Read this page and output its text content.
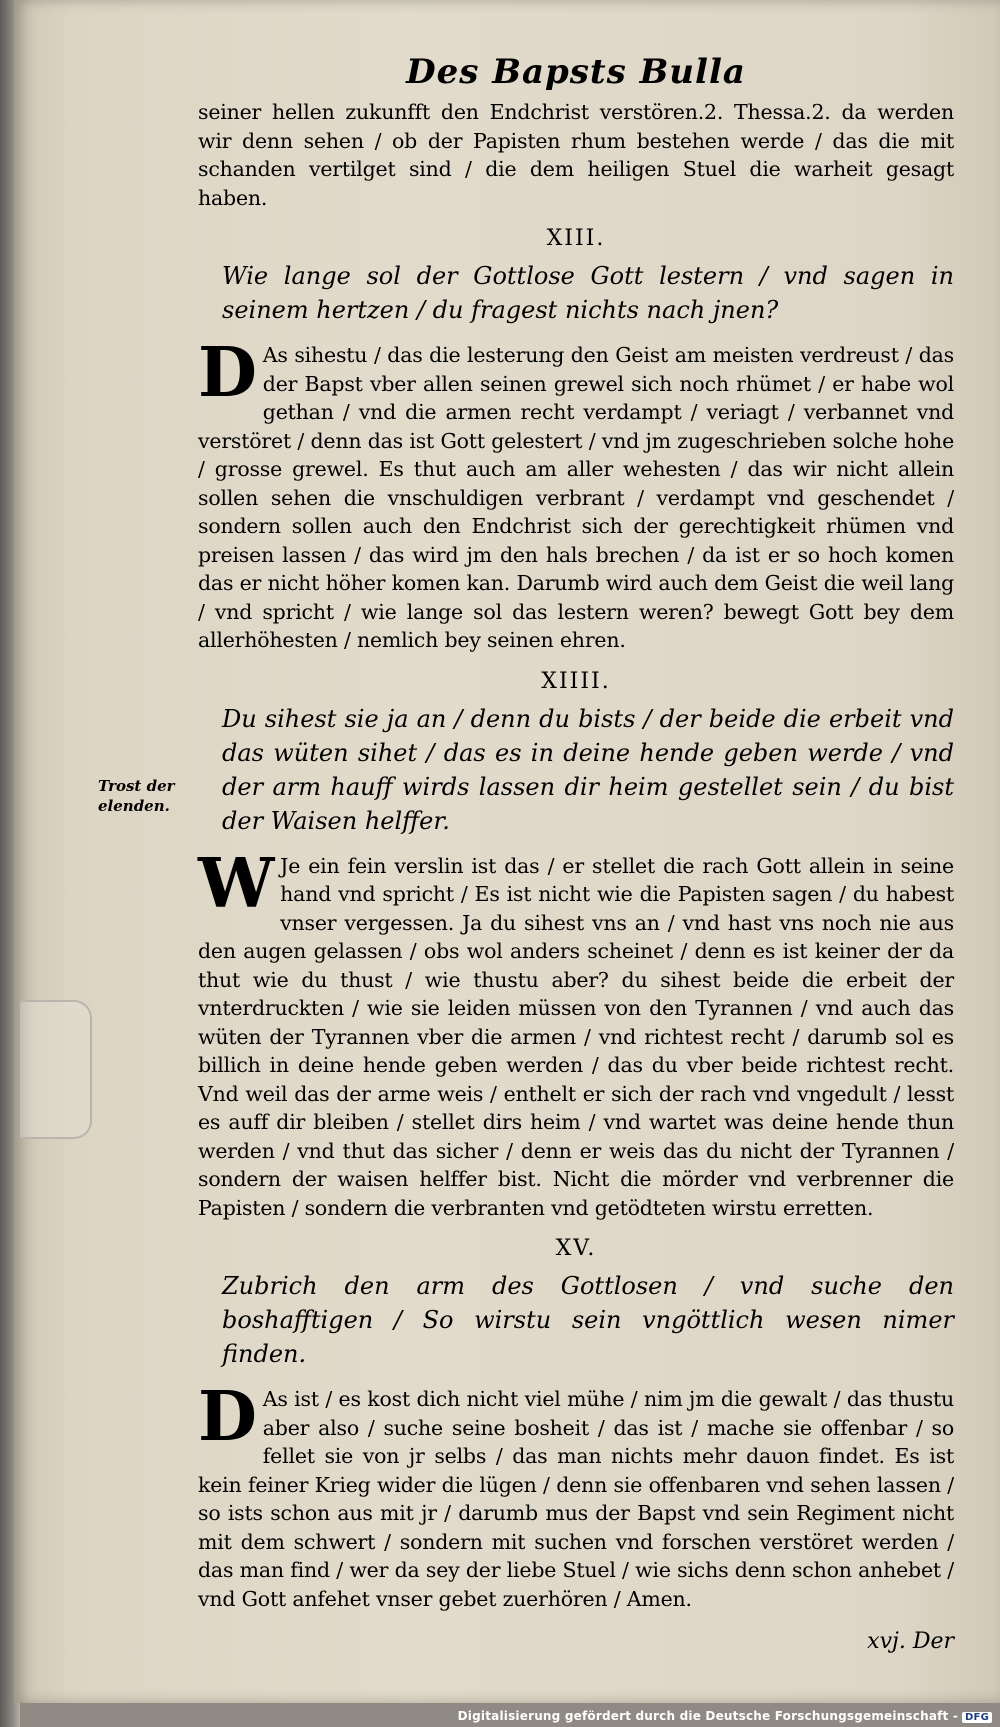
Des Bapsts Bulla

seiner hellen zukunfft den Endchrist verstören.2. Thessa.2. da werden wir denn sehen / ob der Papisten rhum bestehen werde / das die mit schanden vertilget sind / die dem heiligen Stuel die warheit gesagt haben.

XIII.

Wie lange sol der Gottlose Gott lestern / vnd sagen in seinem hertzen / du fragest nichts nach jnen?

D As sihestu / das die lesterung den Geist am meisten verdreust / das der Bapst vber allen seinen grewel sich noch rhümet / er habe wol gethan / vnd die armen recht verdampt / veriagt / verbannet vnd verstöret / denn das ist Gott gelestert / vnd jm zugeschrieben solche hohe / grosse grewel. Es thut auch am aller wehesten / das wir nicht allein sollen sehen die vnschuldigen verbrant / verdampt vnd geschendet / sondern sollen auch den Endchrist sich der gerechtigkeit rhümen vnd preisen lassen / das wird jm den hals brechen / da ist er so hoch komen das er nicht höher komen kan. Darumb wird auch dem Geist die weil lang / vnd spricht / wie lange sol das lestern weren? bewegt Gott bey dem allerhöhesten / nemlich bey seinen ehren.

XIIII.

Du sihest sie ja an / denn du bists / der beide die erbeit vnd das wüten sihet / das es in deine hende geben werde / vnd der arm hauff wirds lassen dir heim gestellet sein / du bist der Waisen helffer.

W Je ein fein verslin ist das / er stellet die rach Gott allein in seine hand vnd spricht / Es ist nicht wie die Papisten sagen / du habest vnser vergessen. Ja du sihest vns an / vnd hast vns noch nie aus den augen gelassen / obs wol anders scheinet / denn es ist keiner der da thut wie du thust / wie thustu aber? du sihest beide die erbeit der vnterdruckten / wie sie leiden müssen von den Tyrannen / vnd auch das wüten der Tyrannen vber die armen / vnd richtest recht / darumb sol es billich in deine hende geben werden / das du vber beide richtest recht. Vnd weil das der arme weis / enthelt er sich der rach vnd vngedult / lesst es auff dir bleiben / stellet dirs heim / vnd wartet was deine hende thun werden / vnd thut das sicher / denn er weis das du nicht der Tyrannen / sondern der waisen helffer bist. Nicht die mörder vnd verbrenner die Papisten / sondern die verbranten vnd getödteten wirstu erretten.

XV.

Zubrich den arm des Gottlosen / vnd suche den boshafftigen / So wirstu sein vngöttlich wesen nimer finden.

D As ist / es kost dich nicht viel mühe / nim jm die gewalt / das thustu aber also / suche seine bosheit / das ist / mache sie offenbar / so fellet sie von jr selbs / das man nichts mehr dauon findet. Es ist kein feiner Krieg wider die lügen / denn sie offenbaren vnd sehen lassen / so ists schon aus mit jr / darumb mus der Bapst vnd sein Regiment nicht mit dem schwert / sondern mit suchen vnd forschen verstöret werden / das man find / wer da sey der liebe Stuel / wie sichs denn schon anhebet / vnd Gott anfehet vnser gebet zuerhören / Amen.

xvj. Der
Trost der elenden.
Digitalisierung gefördert durch die Deutsche Forschungsgemeinschaft - DFG
